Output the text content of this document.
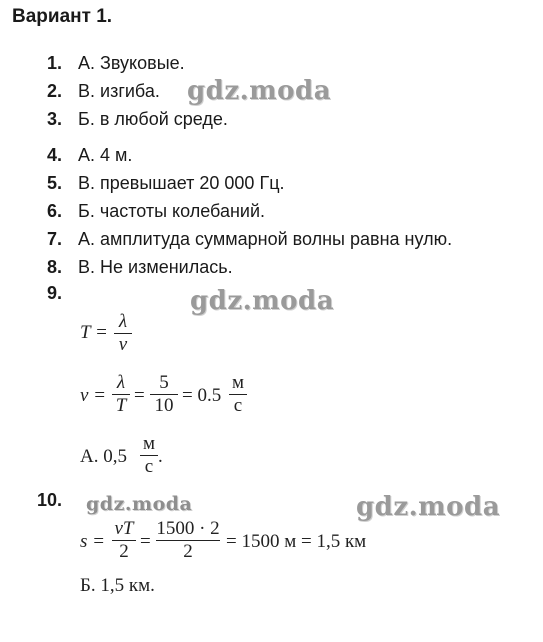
Вариант 1.
1. А. Звуковые.
2. В. изгиба.
3. Б. в любой среде.
4. А. 4 м.
5. В. превышает 20 000 Гц.
6. Б. частоты колебаний.
7. А. амплитуда суммарной волны равна нулю.
8. В. Не изменилась.
9.
T =
λ
v
v =
λ
T =
5
10 = 0.5
м
с
А. 0,5
м
с .
10.
s =
vT
2 =
1500 · 2
2	= 1500 м = 1,5 км
Б. 1,5 км.
gdz.moda
gdz.moda
gdz.moda	gdz.moda
